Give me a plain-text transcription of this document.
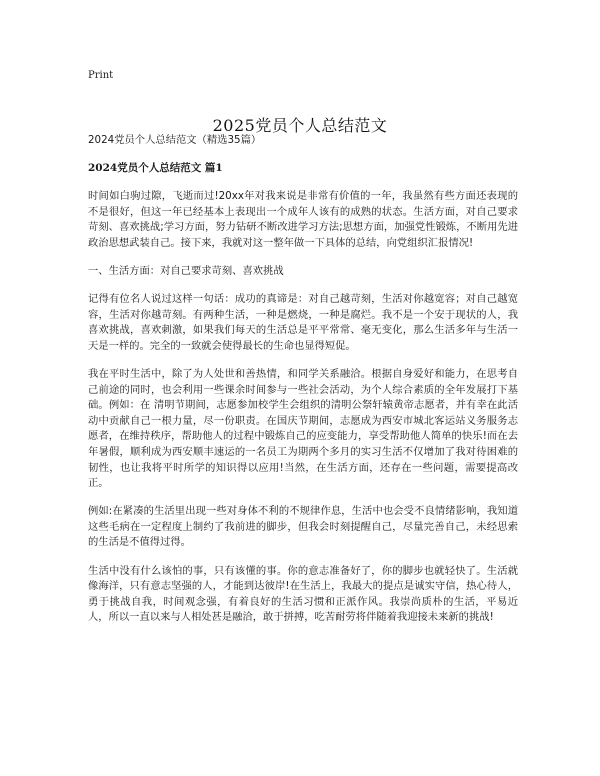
Print
2025党员个人总结范文

2024党员个人总结范文（精选35篇）

2024党员个人总结范文 篇1

时间如白驹过隙，飞逝而过!20xx年对我来说是非常有价值的一年，我虽然有些方面还表现的不是很好，但这一年已经基本上表现出一个成年人该有的成熟的状态。生活方面，对自己要求苛刻、喜欢挑战;学习方面，努力钻研不断改进学习方法;思想方面，加强党性锻炼，不断用先进政治思想武装自己。接下来，我就对这一整年做一下具体的总结，向党组织汇报情况!

一、生活方面：对自己要求苛刻、喜欢挑战

记得有位名人说过这样一句话：成功的真谛是：对自己越苛刻，生活对你越宽容；对自己越宽容，生活对你越苛刻。有两种生活，一种是燃烧，一种是腐烂。我不是一个安于现状的人，我喜欢挑战，喜欢刺激，如果我们每天的生活总是平平常常、毫无变化，那么生活多年与生活一天是一样的。完全的一致就会使得最长的生命也显得短促。

我在平时生活中，除了为人处世和善热情，和同学关系融洽。根据自身爱好和能力，在思考自己前途的同时，也会利用一些课余时间参与一些社会活动，为个人综合素质的全年发展打下基础。例如：在 清明节期间，志愿参加校学生会组织的清明公祭轩辕黄帝志愿者，并有幸在此活动中贡献自己一根力量，尽一份职责。在国庆节期间，志愿成为西安市城北客运站义务服务志愿者，在维持秩序，帮助他人的过程中锻炼自己的应变能力，享受帮助他人简单的快乐!而在去年暑假，顺利成为西安顺丰速运的一名员工为期两个多月的实习生活不仅增加了我对待困难的韧性，也让我将平时所学的知识得以应用!当然，在生活方面，还存在一些问题，需要提高改正。

例如:在紧凑的生活里出现一些对身体不利的不规律作息，生活中也会受不良情绪影响，我知道这些毛病在一定程度上制约了我前进的脚步，但我会时刻提醒自己，尽量完善自己，未经思索的生活是不值得过得。

生活中没有什么该怕的事，只有该懂的事。你的意志准备好了，你的脚步也就轻快了。生活就像海洋，只有意志坚强的人，才能到达彼岸!在生活上，我最大的提点是诚实守信，热心待人，勇于挑战自我，时间观念强，有着良好的生活习惯和正派作风。我崇尚质朴的生活，平易近人，所以一直以来与人相处甚是融洽，敢于拼搏，吃苦耐劳将伴随着我迎接未来新的挑战!
